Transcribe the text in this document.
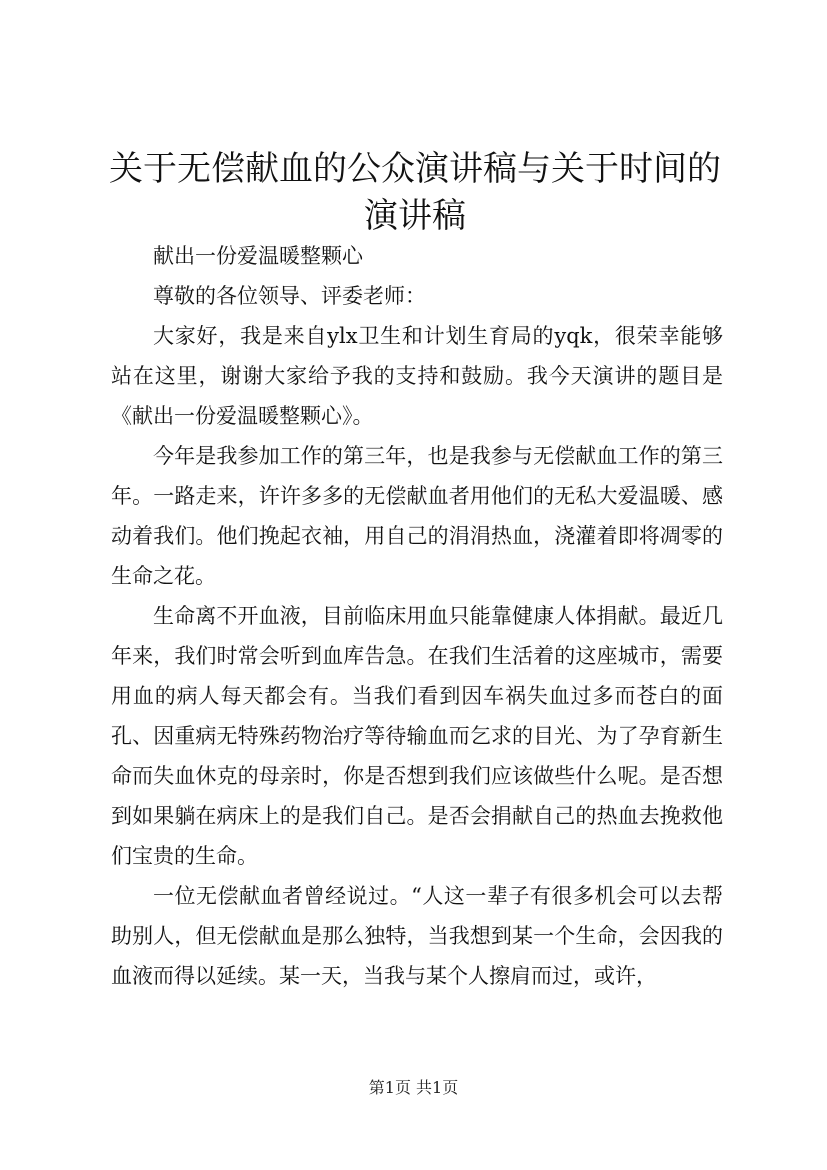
关于无偿献血的公众演讲稿与关于时间的演讲稿

献出一份爱温暖整颗心

尊敬的各位领导、评委老师：

大家好，我是来自ylx卫生和计划生育局的yqk，很荣幸能够站在这里，谢谢大家给予我的支持和鼓励。我今天演讲的题目是《献出一份爱温暖整颗心》。

今年是我参加工作的第三年，也是我参与无偿献血工作的第三年。一路走来，许许多多的无偿献血者用他们的无私大爱温暖、感动着我们。他们挽起衣袖，用自己的涓涓热血，浇灌着即将凋零的生命之花。

生命离不开血液，目前临床用血只能靠健康人体捐献。最近几年来，我们时常会听到血库告急。在我们生活着的这座城市，需要用血的病人每天都会有。当我们看到因车祸失血过多而苍白的面孔、因重病无特殊药物治疗等待输血而乞求的目光、为了孕育新生命而失血休克的母亲时，你是否想到我们应该做些什么呢。是否想到如果躺在病床上的是我们自己。是否会捐献自己的热血去挽救他们宝贵的生命。

一位无偿献血者曾经说过。“人这一辈子有很多机会可以去帮助别人，但无偿献血是那么独特，当我想到某一个生命，会因我的血液而得以延续。某一天，当我与某个人擦肩而过，或许，

第1页 共1页
